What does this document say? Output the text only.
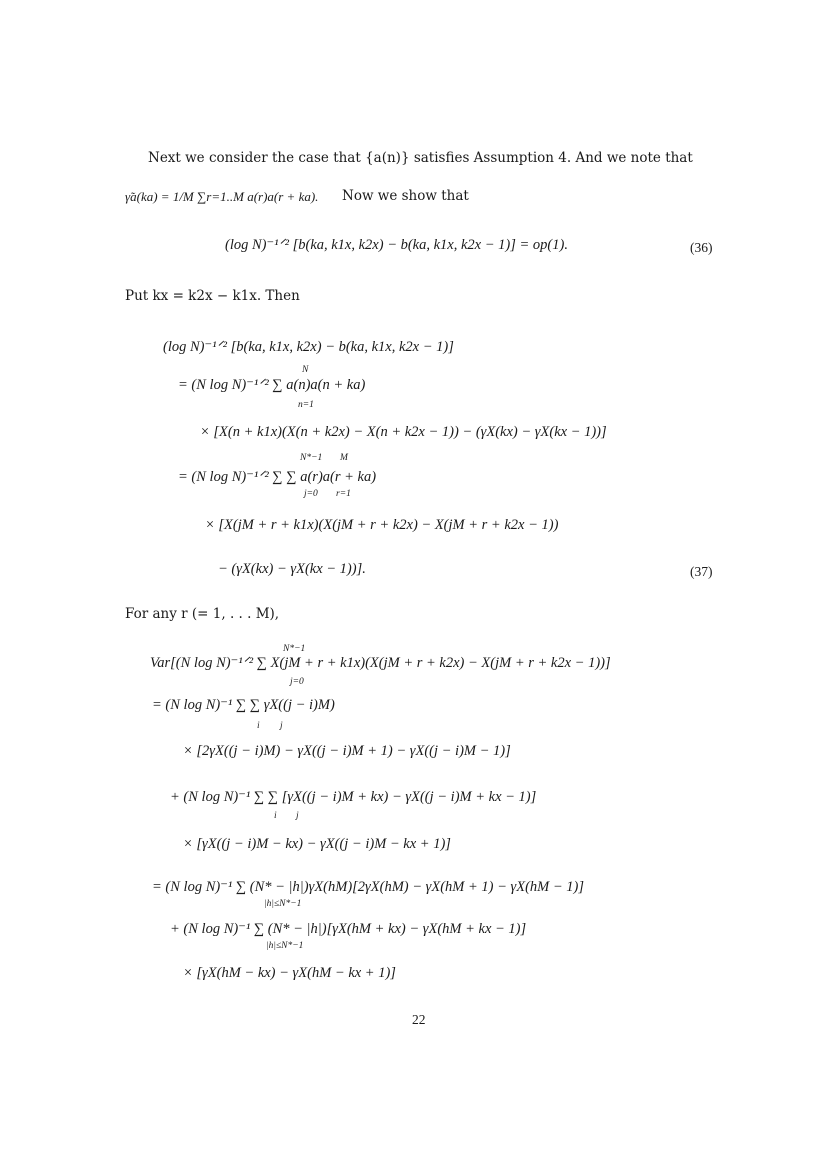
Next we consider the case that {a(n)} satisfies Assumption 4. And we note that
γ̃a(ka) = 1/M ∑r=1..M a(r)a(r + ka). Now we show that
(log N)⁻¹ᐟ² [b(ka, k1x, k2x) − b(ka, k1x, k2x − 1)] = op(1).	(36)
Put kx = k2x − k1x. Then
(log N)⁻¹ᐟ² [b(ka, k1x, k2x) − b(ka, k1x, k2x − 1)]
N
= (N log N)⁻¹ᐟ² ∑ a(n)a(n + ka)
n=1
× [X(n + k1x)(X(n + k2x) − X(n + k2x − 1)) − (γX(kx) − γX(kx − 1))]
N*−1 M
= (N log N)⁻¹ᐟ² ∑ ∑ a(r)a(r + ka)
j=0 r=1
× [X(jM + r + k1x)(X(jM + r + k2x) − X(jM + r + k2x − 1))
− (γX(kx) − γX(kx − 1))].	(37)
For any r (= 1, . . . M),
N*−1
Var[(N log N)⁻¹ᐟ² ∑ X(jM + r + k1x)(X(jM + r + k2x) − X(jM + r + k2x − 1))]
j=0
= (N log N)⁻¹ ∑ ∑ γX((j − i)M)
i j
× [2γX((j − i)M) − γX((j − i)M + 1) − γX((j − i)M − 1)]
+ (N log N)⁻¹ ∑ ∑ [γX((j − i)M + kx) − γX((j − i)M + kx − 1)]
i j
× [γX((j − i)M − kx) − γX((j − i)M − kx + 1)]
= (N log N)⁻¹ ∑ (N* − |h|)γX(hM)[2γX(hM) − γX(hM + 1) − γX(hM − 1)]
|h|≤N*−1
+ (N log N)⁻¹ ∑ (N* − |h|)[γX(hM + kx) − γX(hM + kx − 1)]
|h|≤N*−1
× [γX(hM − kx) − γX(hM − kx + 1)]
22
